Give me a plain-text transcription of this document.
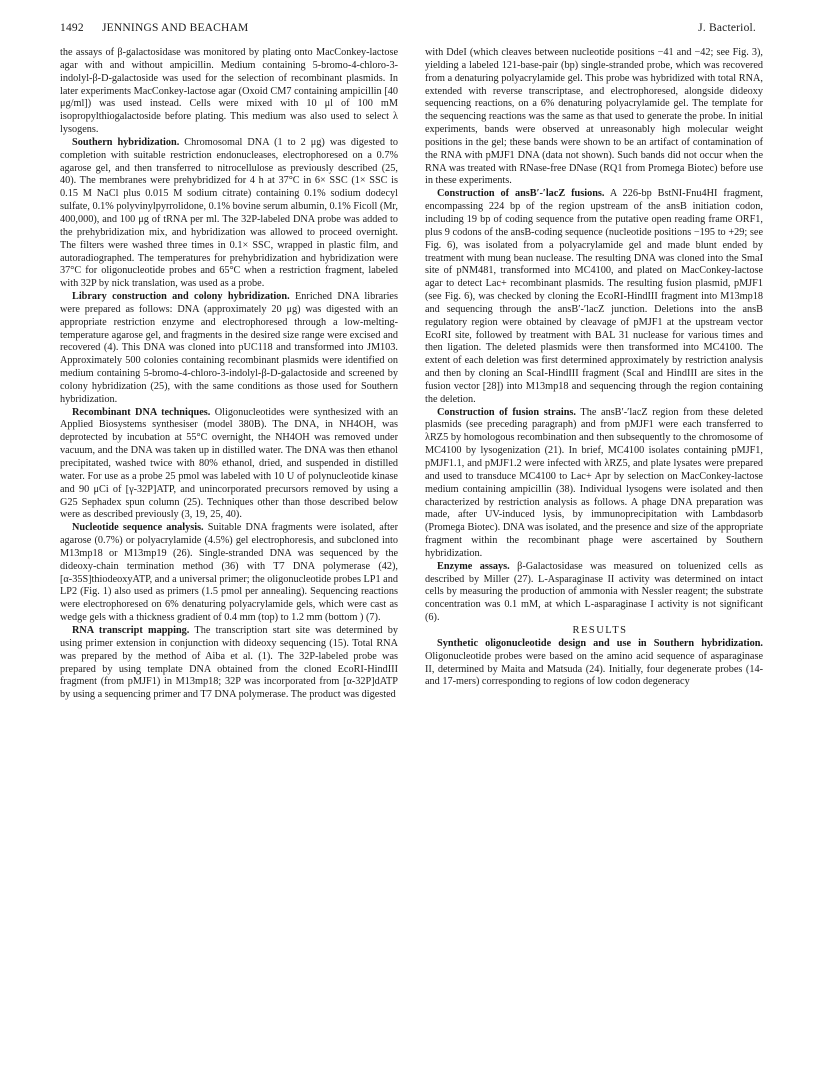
1492 JENNINGS AND BEACHAM	J. Bacteriol.

the assays of β-galactosidase was monitored by plating onto MacConkey-lactose agar with and without ampicillin. Medium containing 5-bromo-4-chloro-3-indolyl-β-D-galactoside was used for the selection of recombinant plasmids. In later experiments MacConkey-lactose agar (Oxoid CM7 containing ampicillin [40 μg/ml]) was used instead. Cells were mixed with 10 μl of 100 mM isopropylthiogalactoside before plating. This medium was also used to select λ lysogens.

Southern hybridization. Chromosomal DNA (1 to 2 μg) was digested to completion with suitable restriction endonucleases, electrophoresed on a 0.7% agarose gel, and then transferred to nitrocellulose as previously described (25, 40). The membranes were prehybridized for 4 h at 37°C in 6× SSC (1× SSC is 0.15 M NaCl plus 0.015 M sodium citrate) containing 0.1% sodium dodecyl sulfate, 0.1% polyvinylpyrrolidone, 0.1% bovine serum albumin, 0.1% Ficoll (Mr, 400,000), and 100 μg of tRNA per ml. The 32P-labeled DNA probe was added to the prehybridization mix, and hybridization was allowed to proceed overnight. The filters were washed three times in 0.1× SSC, wrapped in plastic film, and autoradiographed. The temperatures for prehybridization and hybridization were 37°C for oligonucleotide probes and 65°C when a restriction fragment, labeled with 32P by nick translation, was used as a probe.

Library construction and colony hybridization. Enriched DNA libraries were prepared as follows: DNA (approximately 20 μg) was digested with an appropriate restriction enzyme and electrophoresed through a low-melting-temperature agarose gel, and fragments in the desired size range were excised and recovered (4). This DNA was cloned into pUC118 and transformed into JM103. Approximately 500 colonies containing recombinant plasmids were identified on medium containing 5-bromo-4-chloro-3-indolyl-β-D-galactoside and screened by colony hybridization (25), with the same conditions as those used for Southern hybridization.

Recombinant DNA techniques. Oligonucleotides were synthesized with an Applied Biosystems synthesiser (model 380B). The DNA, in NH4OH, was deprotected by incubation at 55°C overnight, the NH4OH was removed under vacuum, and the DNA was taken up in distilled water. The DNA was then ethanol precipitated, washed twice with 80% ethanol, dried, and suspended in distilled water. For use as a probe 25 pmol was labeled with 10 U of polynucleotide kinase and 90 μCi of [γ-32P]ATP, and unincorporated precursors removed by using a G25 Sephadex spun column (25). Techniques other than those described below were as described previously (3, 19, 25, 40).

Nucleotide sequence analysis. Suitable DNA fragments were isolated, after agarose (0.7%) or polyacrylamide (4.5%) gel electrophoresis, and subcloned into M13mp18 or M13mp19 (26). Single-stranded DNA was sequenced by the dideoxy-chain termination method (36) with T7 DNA polymerase (42), [α-35S]thiodeoxyATP, and a universal primer; the oligonucleotide probes LP1 and LP2 (Fig. 1) also used as primers (1.5 pmol per annealing). Sequencing reactions were electrophoresed on 6% denaturing polyacrylamide gels, which were cast as wedge gels with a thickness gradient of 0.4 mm (top) to 1.2 mm (bottom ) (7).

RNA transcript mapping. The transcription start site was determined by using primer extension in conjunction with dideoxy sequencing (15). Total RNA was prepared by the method of Aiba et al. (1). The 32P-labeled probe was prepared by using template DNA obtained from the cloned EcoRI-HindIII fragment (from pMJF1) in M13mp18; 32P was incorporated from [α-32P]dATP by using a sequencing primer and T7 DNA polymerase. The product was digested

with DdeI (which cleaves between nucleotide positions −41 and −42; see Fig. 3), yielding a labeled 121-base-pair (bp) single-stranded probe, which was recovered from a denaturing polyacrylamide gel. This probe was hybridized with total RNA, extended with reverse transcriptase, and electrophoresed, alongside dideoxy sequencing reactions, on a 6% denaturing polyacrylamide gel. The template for the sequencing reactions was the same as that used to generate the probe. In initial experiments, bands were observed at unreasonably high molecular weight positions in the gel; these bands were shown to be an artifact of contamination of the RNA with pMJF1 DNA (data not shown). Such bands did not occur when the RNA was treated with RNase-free DNase (RQ1 from Promega Biotec) before use in these experiments.

Construction of ansB′-′lacZ fusions. A 226-bp BstNI-Fnu4HI fragment, encompassing 224 bp of the region upstream of the ansB initiation codon, including 19 bp of coding sequence from the putative open reading frame ORF1, plus 9 codons of the ansB-coding sequence (nucleotide positions −195 to +29; see Fig. 6), was isolated from a polyacrylamide gel and made blunt ended by treatment with mung bean nuclease. The resulting DNA was cloned into the SmaI site of pNM481, transformed into MC4100, and plated on MacConkey-lactose agar to detect Lac+ recombinant plasmids. The resulting fusion plasmid, pMJF1 (see Fig. 6), was checked by cloning the EcoRI-HindIII fragment into M13mp18 and sequencing through the ansB′-′lacZ junction. Deletions into the ansB regulatory region were obtained by cleavage of pMJF1 at the upstream vector EcoRI site, followed by treatment with BAL 31 nuclease for various times and then ligation. The deleted plasmids were then transformed into MC4100. The extent of each deletion was first determined approximately by restriction analysis and then by cloning an ScaI-HindIII fragment (ScaI and HindIII are sites in the fusion vector [28]) into M13mp18 and sequencing through the region containing the deletion.

Construction of fusion strains. The ansB′-′lacZ region from these deleted plasmids (see preceding paragraph) and from pMJF1 were each transferred to λRZ5 by homologous recombination and then subsequently to the chromosome of MC4100 by lysogenization (21). In brief, MC4100 isolates containing pMJF1, pMJF1.1, and pMJF1.2 were infected with λRZ5, and plate lysates were prepared and used to transduce MC4100 to Lac+ Apr by selection on MacConkey-lactose medium containing ampicillin (38). Individual lysogens were isolated and then characterized by restriction analysis as follows. A phage DNA preparation was made, after UV-induced lysis, by immunoprecipitation with Lambdasorb (Promega Biotec). DNA was isolated, and the presence and size of the appropriate fragment within the recombinant phage were ascertained by Southern hybridization.

Enzyme assays. β-Galactosidase was measured on toluenized cells as described by Miller (27). L-Asparaginase II activity was determined on intact cells by measuring the production of ammonia with Nessler reagent; the substrate concentration was 0.1 mM, at which L-asparaginase I activity is not significant (6).

RESULTS

Synthetic oligonucleotide design and use in Southern hybridization. Oligonucleotide probes were based on the amino acid sequence of asparaginase II, determined by Maita and Matsuda (24). Initially, four degenerate probes (14- and 17-mers) corresponding to regions of low codon degeneracy
